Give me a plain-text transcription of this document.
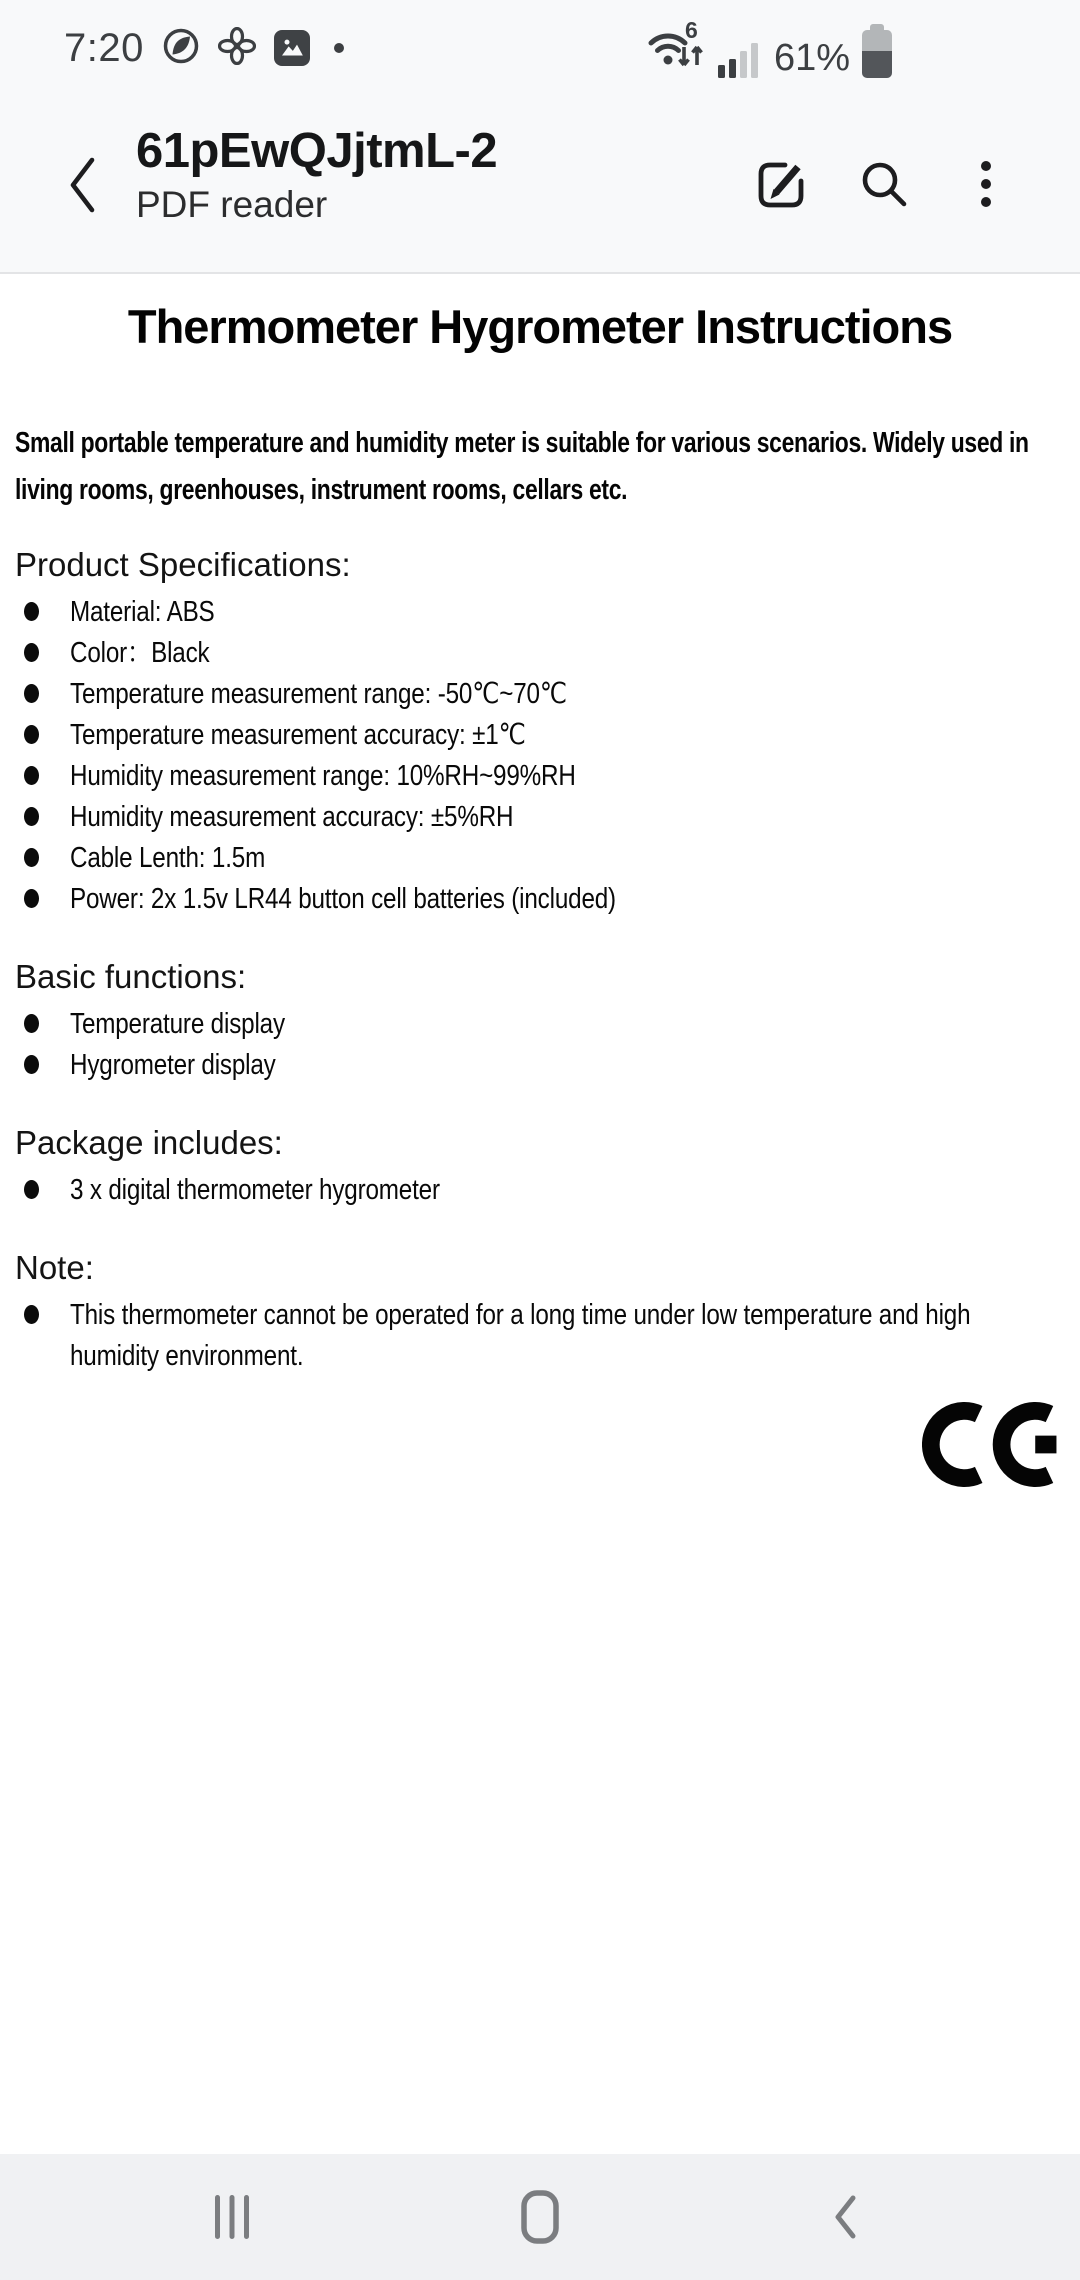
7:20	6
61%
61pEwQJjtmL-2
PDF reader
Thermometer Hygrometer Instructions
Small portable temperature and humidity meter is suitable for various scenarios. Widely used in living rooms, greenhouses, instrument rooms, cellars etc.
Product Specifications:
Material: ABS
Color：Black
Temperature measurement range: -50℃~70℃
Temperature measurement accuracy: ±1℃
Humidity measurement range: 10%RH~99%RH
Humidity measurement accuracy: ±5%RH
Cable Lenth: 1.5m
Power: 2x 1.5v LR44 button cell batteries (included)
Basic functions:
Temperature display
Hygrometer display
Package includes:
3 x digital thermometer hygrometer
Note:
This thermometer cannot be operated for a long time under low temperature and high humidity environment.
